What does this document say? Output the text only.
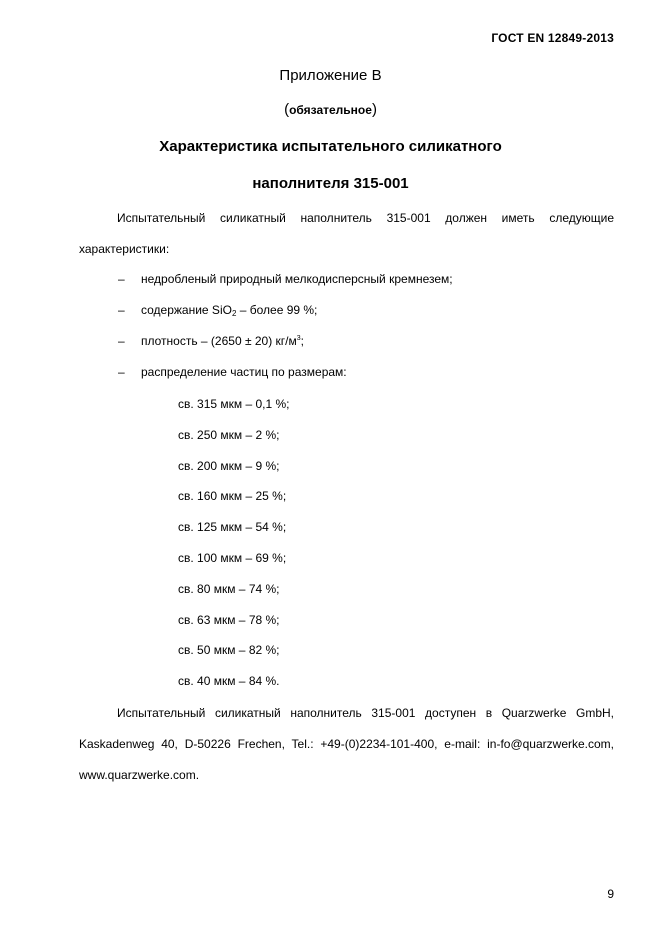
ГОСТ EN 12849-2013
Приложение В
(обязательное)
Характеристика испытательного силикатного
наполнителя 315-001
Испытательный силикатный наполнитель 315-001 должен иметь следующие характеристики:
– недробленый природный мелкодисперсный кремнезем;
– содержание SiO$_2$ – более 99 %;
– плотность – (2650 ± 20) $кг/м^3$;
– распределение частиц по размерам:
св. 315 мкм – 0,1 %;
св. 250 мкм – 2 %;
св. 200 мкм – 9 %;
св. 160 мкм – 25 %;
св. 125 мкм – 54 %;
св. 100 мкм – 69 %;
св. 80 мкм – 74 %;
св. 63 мкм – 78 %;
св. 50 мкм – 82 %;
св. 40 мкм – 84 %.
Испытательный силикатный наполнитель 315-001 доступен в Quarzwerke GmbH, Kaskadenweg 40, D-50226 Frechen, Tel.: +49-(0)2234-101-400, e-mail: in-fo@quarzwerke.com, www.quarzwerke.com.
9
